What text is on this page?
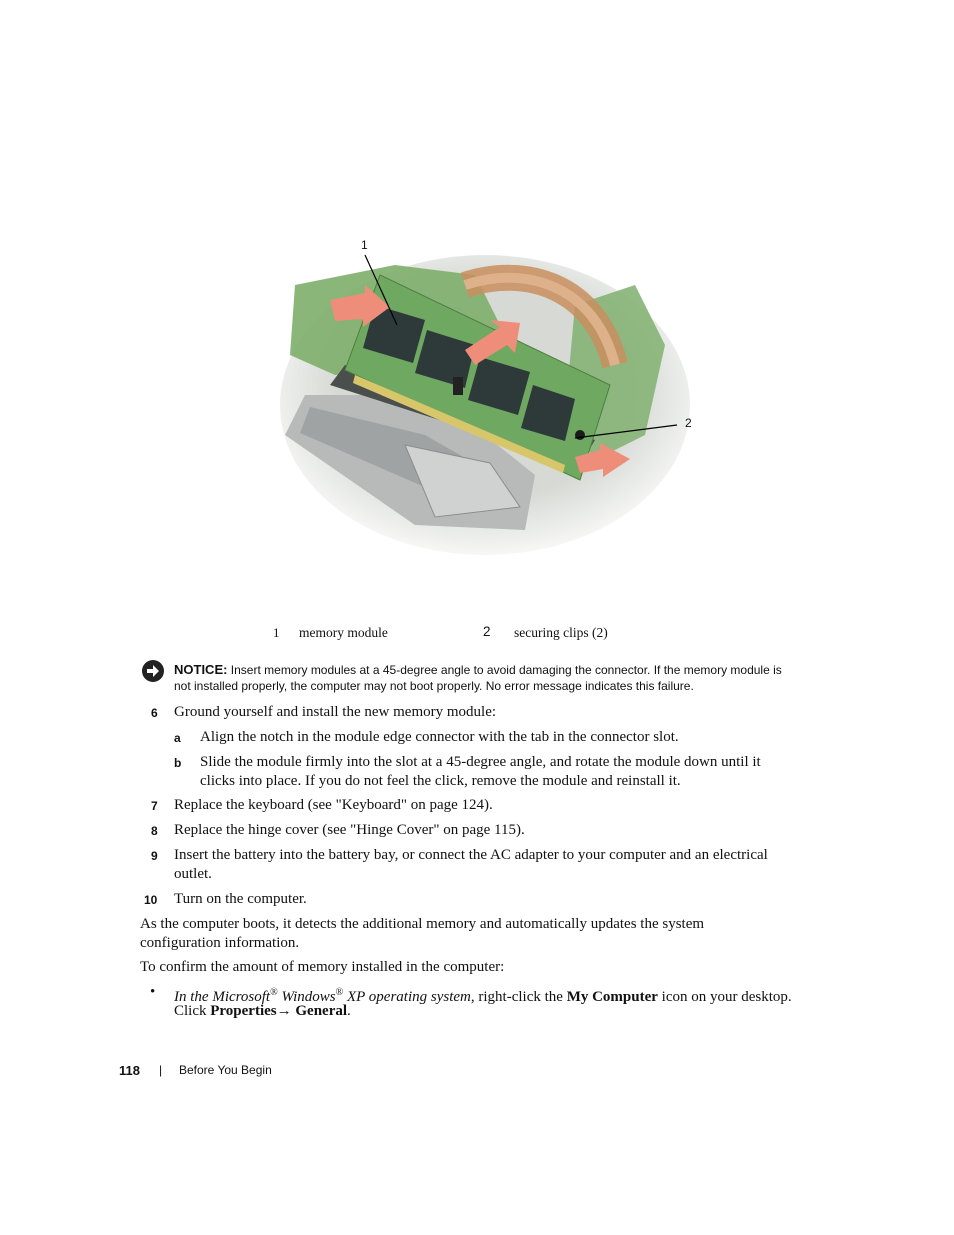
1
2
1 memory module	2 securing clips (2)
NOTICE: Insert memory modules at a 45-degree angle to avoid damaging the connector. If the memory module is
not installed properly, the computer may not boot properly. No error message indicates this failure.
6 Ground yourself and install the new memory module:
a Align the notch in the module edge connector with the tab in the connector slot.
b Slide the module firmly into the slot at a 45-degree angle, and rotate the module down until it
clicks into place. If you do not feel the click, remove the module and reinstall it.
7 Replace the keyboard (see "Keyboard" on page 124).
8 Replace the hinge cover (see "Hinge Cover" on page 115).
9 Insert the battery into the battery bay, or connect the AC adapter to your computer and an electrical
outlet.
10 Turn on the computer.
As the computer boots, it detects the additional memory and automatically updates the system
configuration information.
To confirm the amount of memory installed in the computer:
• In the Microsoft® Windows® XP operating system, right-click the My Computer icon on your desktop.
Click Properties→ General.
118 | Before You Begin
